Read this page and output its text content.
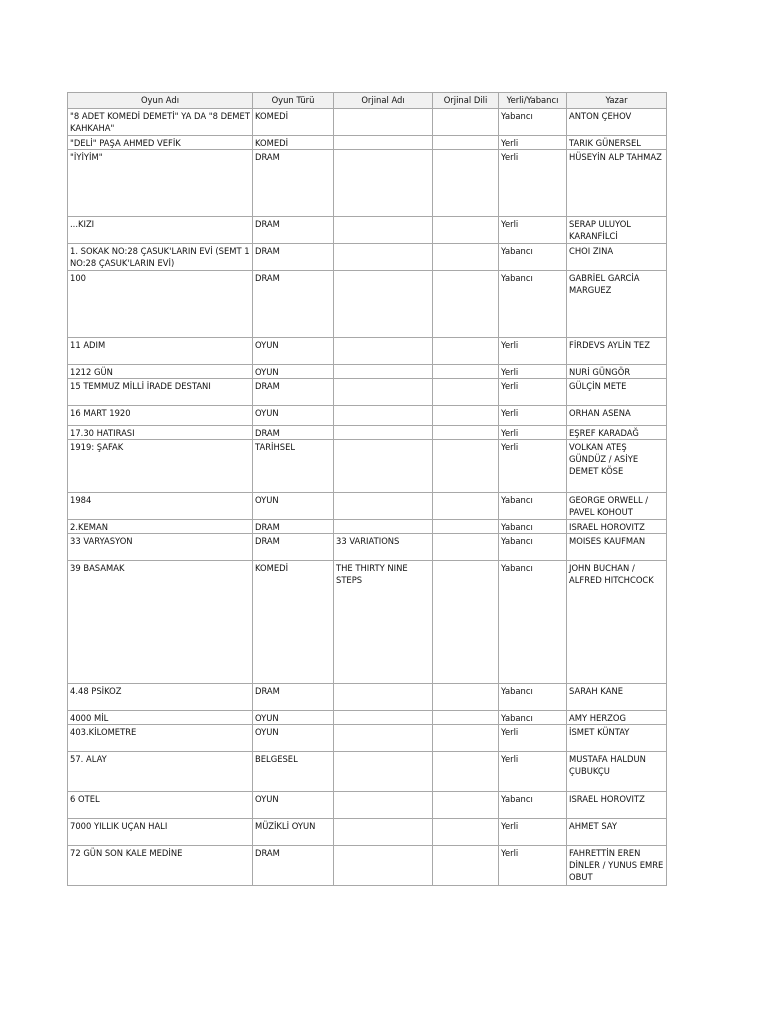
Oyun Adı	Oyun Türü	Orjinal Adı	Orjinal Dili	Yerli/Yabancı	Yazar
"8 ADET KOMEDİ DEMETİ" YA DA "8 DEMET KAHKAHA"	KOMEDİ			Yabancı	ANTON ÇEHOV
"DELİ" PAŞA AHMED VEFİK	KOMEDİ			Yerli	TARIK GÜNERSEL
"İYİYİM"	DRAM			Yerli	HÜSEYİN ALP TAHMAZ
...KIZI	DRAM			Yerli	SERAP ULUYOL KARANFİLCİ
1. SOKAK NO:28 ÇASUK'LARIN EVİ (SEMT 1 NO:28 ÇASUK'LARIN EVİ)	DRAM			Yabancı	CHOI ZINA
100	DRAM			Yabancı	GABRİEL GARCİA MARGUEZ
11 ADIM	OYUN			Yerli	FİRDEVS AYLİN TEZ
1212 GÜN	OYUN			Yerli	NURİ GÜNGÖR
15 TEMMUZ MİLLİ İRADE DESTANI	DRAM			Yerli	GÜLÇİN METE
16 MART 1920	OYUN			Yerli	ORHAN ASENA
17.30 HATIRASI	DRAM			Yerli	EŞREF KARADAĞ
1919: ŞAFAK	TARİHSEL			Yerli	VOLKAN ATEŞ GÜNDÜZ / ASİYE DEMET KÖSE
1984	OYUN			Yabancı	GEORGE ORWELL / PAVEL KOHOUT
2.KEMAN	DRAM			Yabancı	ISRAEL HOROVITZ
33 VARYASYON	DRAM	33 VARIATIONS		Yabancı	MOISES KAUFMAN
39 BASAMAK	KOMEDİ	THE THIRTY NINE STEPS		Yabancı	JOHN BUCHAN / ALFRED HITCHCOCK
4.48 PSİKOZ	DRAM			Yabancı	SARAH KANE
4000 MİL	OYUN			Yabancı	AMY HERZOG
403.KİLOMETRE	OYUN			Yerli	İSMET KÜNTAY
57. ALAY	BELGESEL			Yerli	MUSTAFA HALDUN ÇUBUKÇU
6 OTEL	OYUN			Yabancı	ISRAEL HOROVITZ
7000 YILLIK UÇAN HALI	MÜZİKLİ OYUN			Yerli	AHMET SAY
72 GÜN SON KALE MEDİNE	DRAM			Yerli	FAHRETTİN EREN DİNLER / YUNUS EMRE OBUT
